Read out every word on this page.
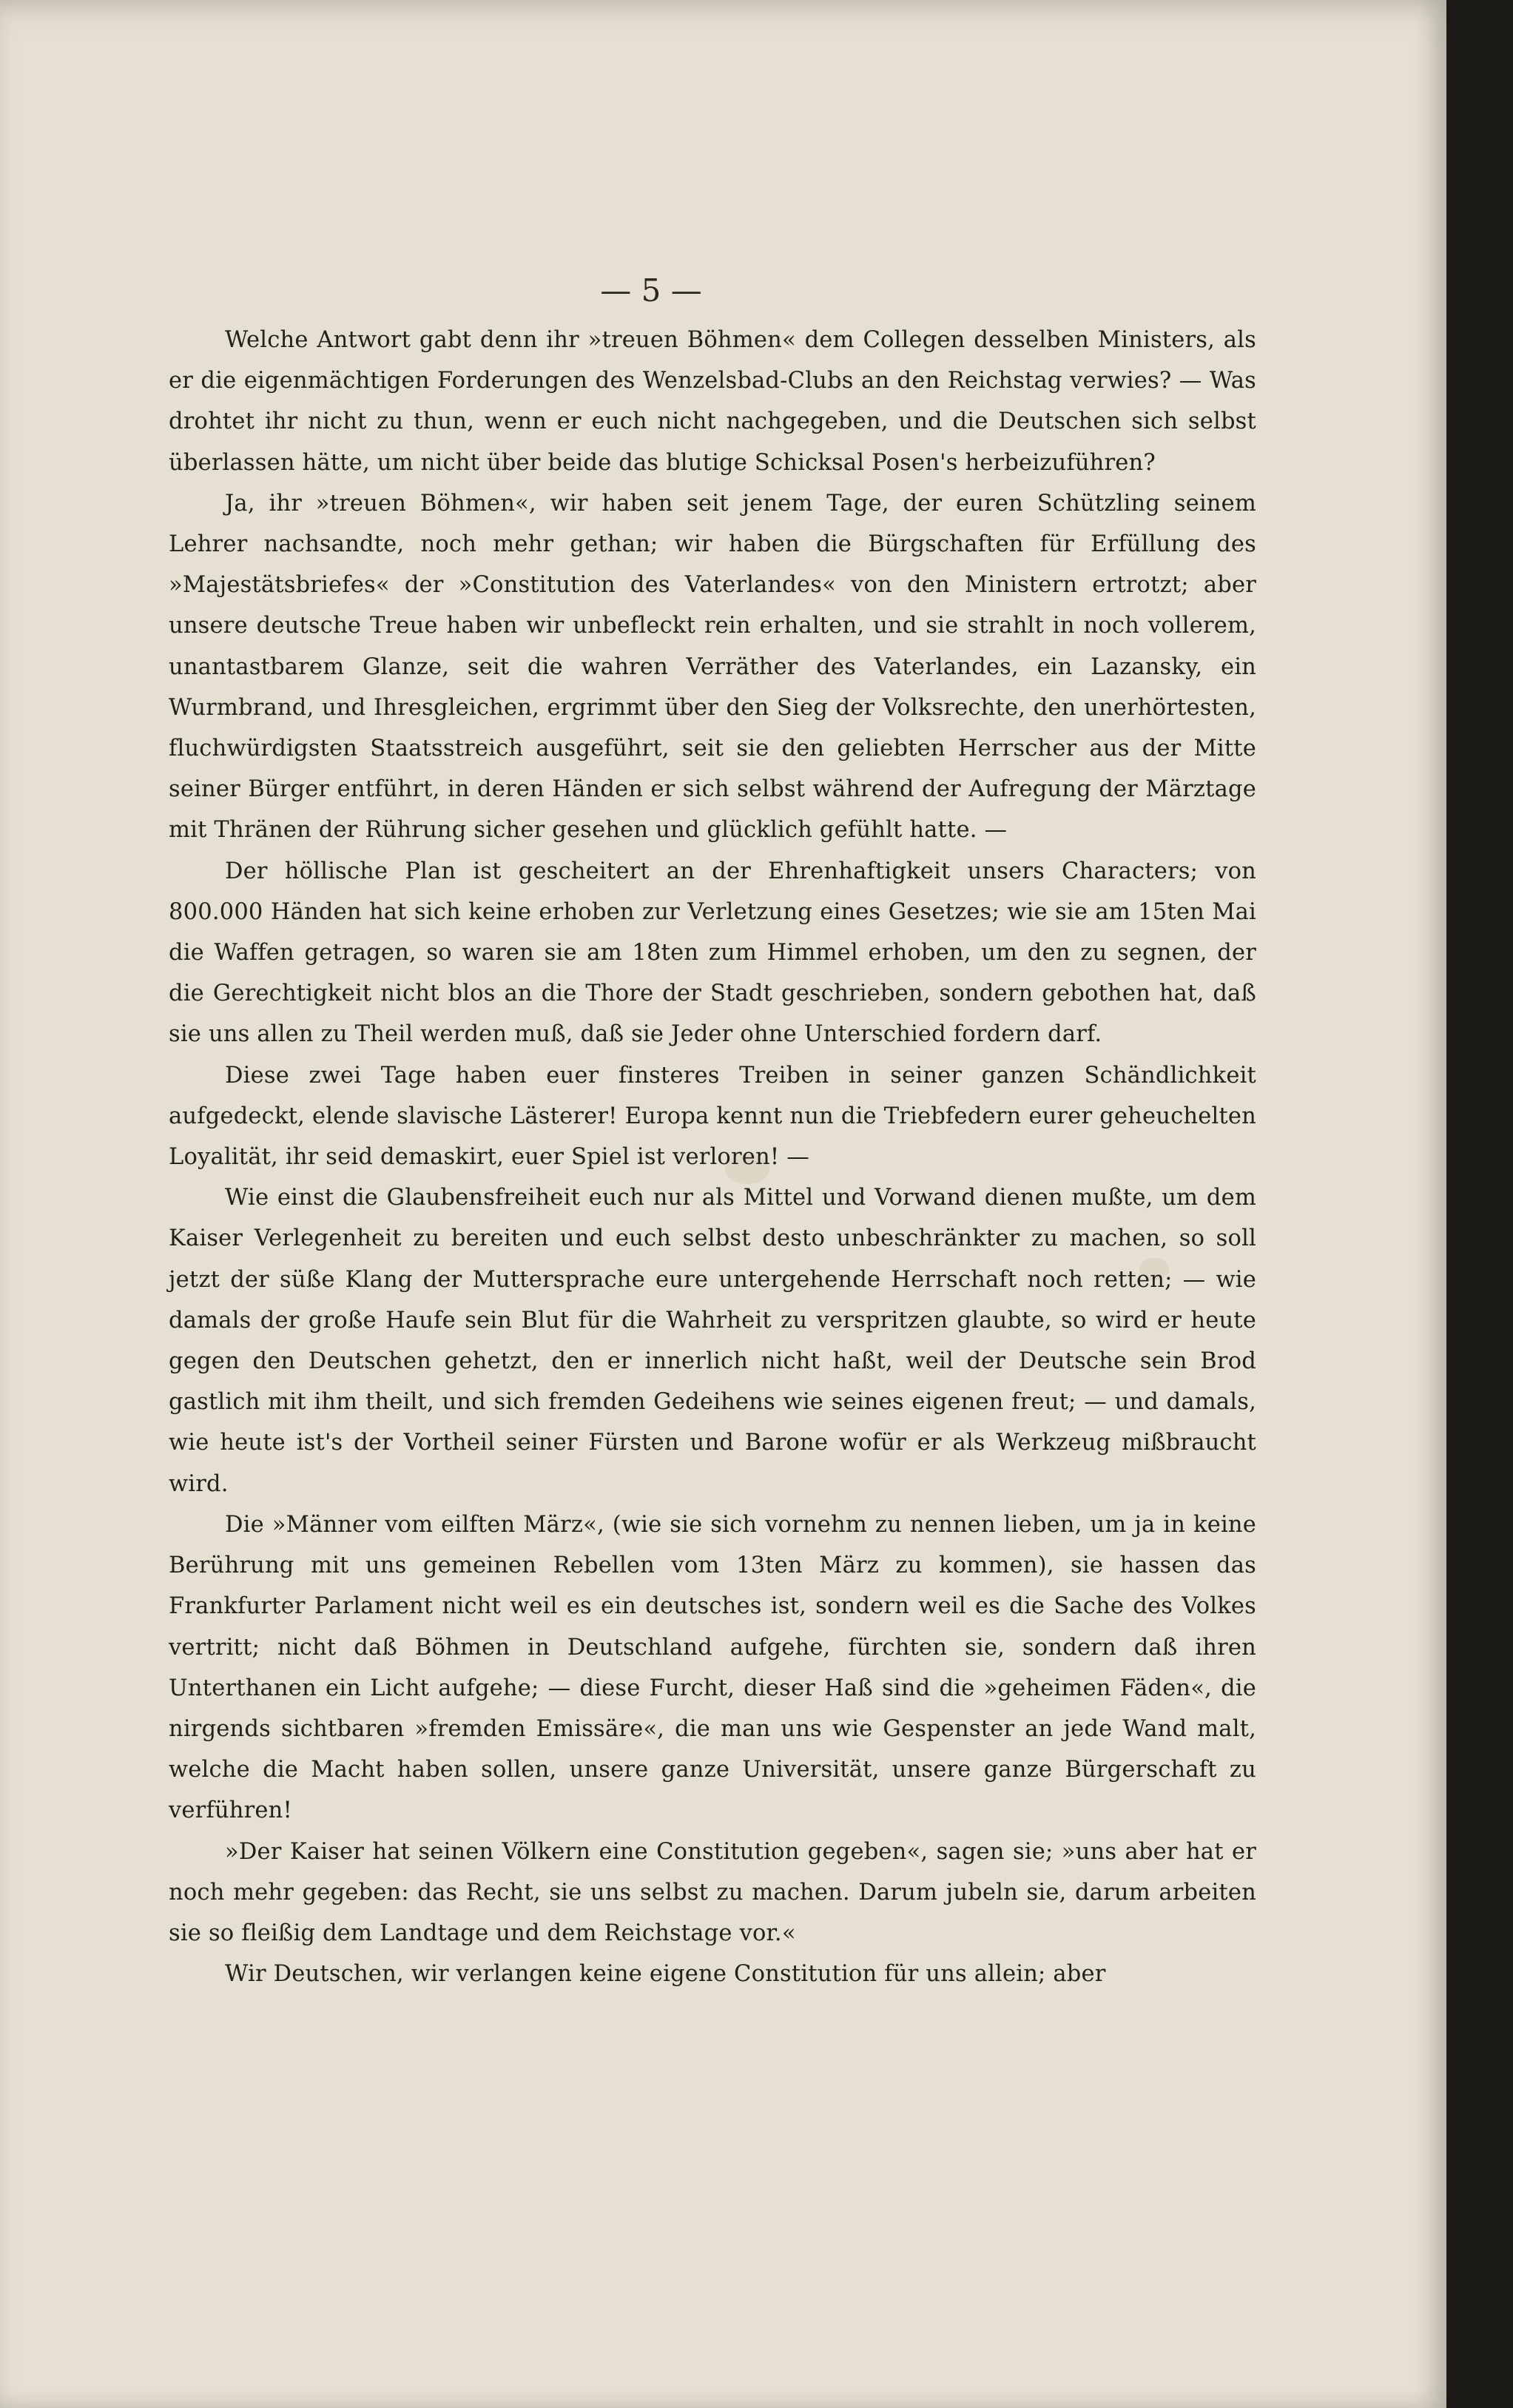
— 5 —

Welche Antwort gabt denn ihr »treuen Böhmen« dem Collegen desselben Ministers, als er die eigenmächtigen Forderungen des Wenzelsbad-Clubs an den Reichstag verwies? — Was drohtet ihr nicht zu thun, wenn er euch nicht nachgegeben, und die Deutschen sich selbst überlassen hätte, um nicht über beide das blutige Schicksal Posen's herbeizuführen?

Ja, ihr »treuen Böhmen«, wir haben seit jenem Tage, der euren Schützling seinem Lehrer nachsandte, noch mehr gethan; wir haben die Bürgschaften für Erfüllung des »Majestätsbriefes« der »Constitution des Vaterlandes« von den Ministern ertrotzt; aber unsere deutsche Treue haben wir unbefleckt rein erhalten, und sie strahlt in noch vollerem, unantastbarem Glanze, seit die wahren Verräther des Vaterlandes, ein Lazansky, ein Wurmbrand, und Ihresgleichen, ergrimmt über den Sieg der Volksrechte, den unerhörtesten, fluchwürdigsten Staatsstreich ausgeführt, seit sie den geliebten Herrscher aus der Mitte seiner Bürger entführt, in deren Händen er sich selbst während der Aufregung der Märztage mit Thränen der Rührung sicher gesehen und glücklich gefühlt hatte. —

Der höllische Plan ist gescheitert an der Ehrenhaftigkeit unsers Characters; von 800.000 Händen hat sich keine erhoben zur Verletzung eines Gesetzes; wie sie am 15ten Mai die Waffen getragen, so waren sie am 18ten zum Himmel erhoben, um den zu segnen, der die Gerechtigkeit nicht blos an die Thore der Stadt geschrieben, sondern gebothen hat, daß sie uns allen zu Theil werden muß, daß sie Jeder ohne Unterschied fordern darf.

Diese zwei Tage haben euer finsteres Treiben in seiner ganzen Schändlichkeit aufgedeckt, elende slavische Lästerer! Europa kennt nun die Triebfedern eurer geheuchelten Loyalität, ihr seid demaskirt, euer Spiel ist verloren! —

Wie einst die Glaubensfreiheit euch nur als Mittel und Vorwand dienen mußte, um dem Kaiser Verlegenheit zu bereiten und euch selbst desto unbeschränkter zu machen, so soll jetzt der süße Klang der Muttersprache eure untergehende Herrschaft noch retten; — wie damals der große Haufe sein Blut für die Wahrheit zu verspritzen glaubte, so wird er heute gegen den Deutschen gehetzt, den er innerlich nicht haßt, weil der Deutsche sein Brod gastlich mit ihm theilt, und sich fremden Gedeihens wie seines eigenen freut; — und damals, wie heute ist's der Vortheil seiner Fürsten und Barone wofür er als Werkzeug mißbraucht wird.

Die »Männer vom eilften März«, (wie sie sich vornehm zu nennen lieben, um ja in keine Berührung mit uns gemeinen Rebellen vom 13ten März zu kommen), sie hassen das Frankfurter Parlament nicht weil es ein deutsches ist, sondern weil es die Sache des Volkes vertritt; nicht daß Böhmen in Deutschland aufgehe, fürchten sie, sondern daß ihren Unterthanen ein Licht aufgehe; — diese Furcht, dieser Haß sind die »geheimen Fäden«, die nirgends sichtbaren »fremden Emissäre«, die man uns wie Gespenster an jede Wand malt, welche die Macht haben sollen, unsere ganze Universität, unsere ganze Bürgerschaft zu verführen!

»Der Kaiser hat seinen Völkern eine Constitution gegeben«, sagen sie; »uns aber hat er noch mehr gegeben: das Recht, sie uns selbst zu machen. Darum jubeln sie, darum arbeiten sie so fleißig dem Landtage und dem Reichstage vor.«

Wir Deutschen, wir verlangen keine eigene Constitution für uns allein; aber
